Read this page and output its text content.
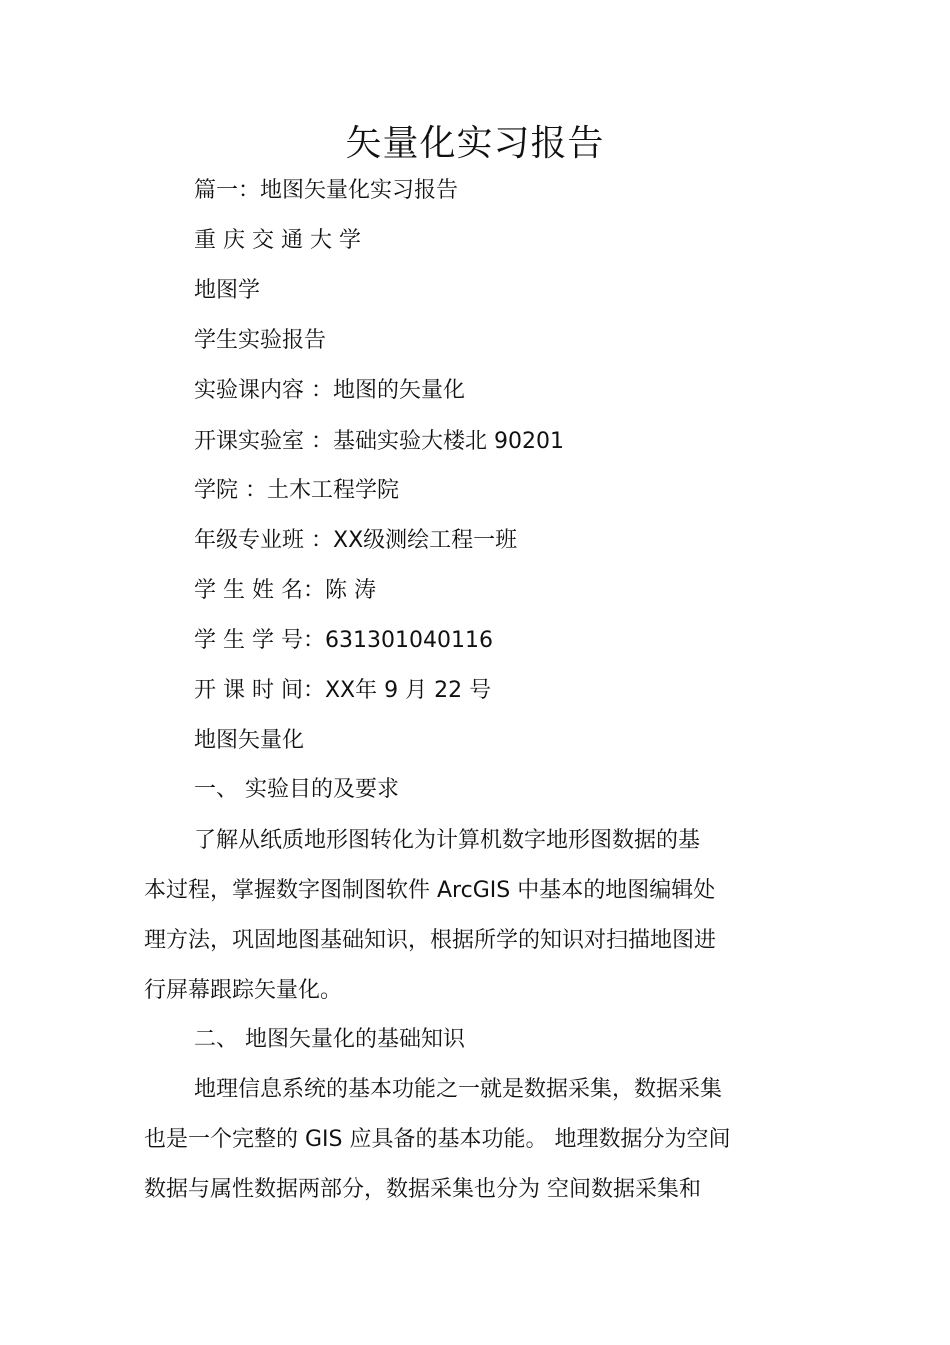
矢量化实习报告
篇一：地图矢量化实习报告
重 庆 交 通 大 学
地图学
学生实验报告
实验课内容 ：地图的矢量化
开课实验室 ：基础实验大楼北 90201
学院 ：土木工程学院
年级专业班 ：XX级测绘工程一班
学 生 姓 名：陈 涛
学 生 学 号：631301040116
开 课 时 间：XX年 9 月 22 号
地图矢量化
一、 实验目的及要求
了解从纸质地形图转化为计算机数字地形图数据的基
本过程，掌握数字图制图软件 ArcGIS 中基本的地图编辑处
理方法，巩固地图基础知识，根据所学的知识对扫描地图进
行屏幕跟踪矢量化。
二、 地图矢量化的基础知识
地理信息系统的基本功能之一就是数据采集，数据采集
也是一个完整的 GIS 应具备的基本功能。 地理数据分为空间
数据与属性数据两部分，数据采集也分为 空间数据采集和
